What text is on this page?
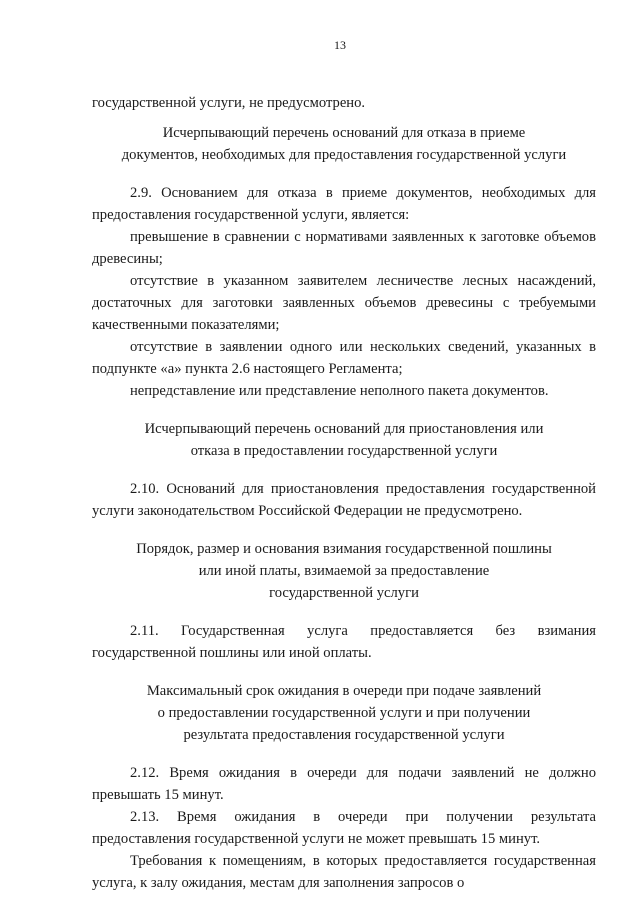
13

государственной услуги, не предусмотрено.

Исчерпывающий перечень оснований для отказа в приеме
документов, необходимых для предоставления государственной услуги

2.9. Основанием для отказа в приеме документов, необходимых для предоставления государственной услуги, является:

превышение в сравнении с нормативами заявленных к заготовке объемов древесины;

отсутствие в указанном заявителем лесничестве лесных насаждений, достаточных для заготовки заявленных объемов древесины с требуемыми качественными показателями;

отсутствие в заявлении одного или нескольких сведений, указанных в подпункте «а» пункта 2.6 настоящего Регламента;

непредставление или представление неполного пакета документов.

Исчерпывающий перечень оснований для приостановления или
отказа в предоставлении государственной услуги

2.10. Оснований для приостановления предоставления государственной услуги законодательством Российской Федерации не предусмотрено.

Порядок, размер и основания взимания государственной пошлины
или иной платы, взимаемой за предоставление
государственной услуги

2.11. Государственная услуга предоставляется без взимания государственной пошлины или иной оплаты.

Максимальный срок ожидания в очереди при подаче заявлений
о предоставлении государственной услуги и при получении
результата предоставления государственной услуги

2.12. Время ожидания в очереди для подачи заявлений не должно превышать 15 минут.

2.13. Время ожидания в очереди при получении результата предоставления государственной услуги не может превышать 15 минут.

Требования к помещениям, в которых предоставляется государственная услуга, к залу ожидания, местам для заполнения запросов о
